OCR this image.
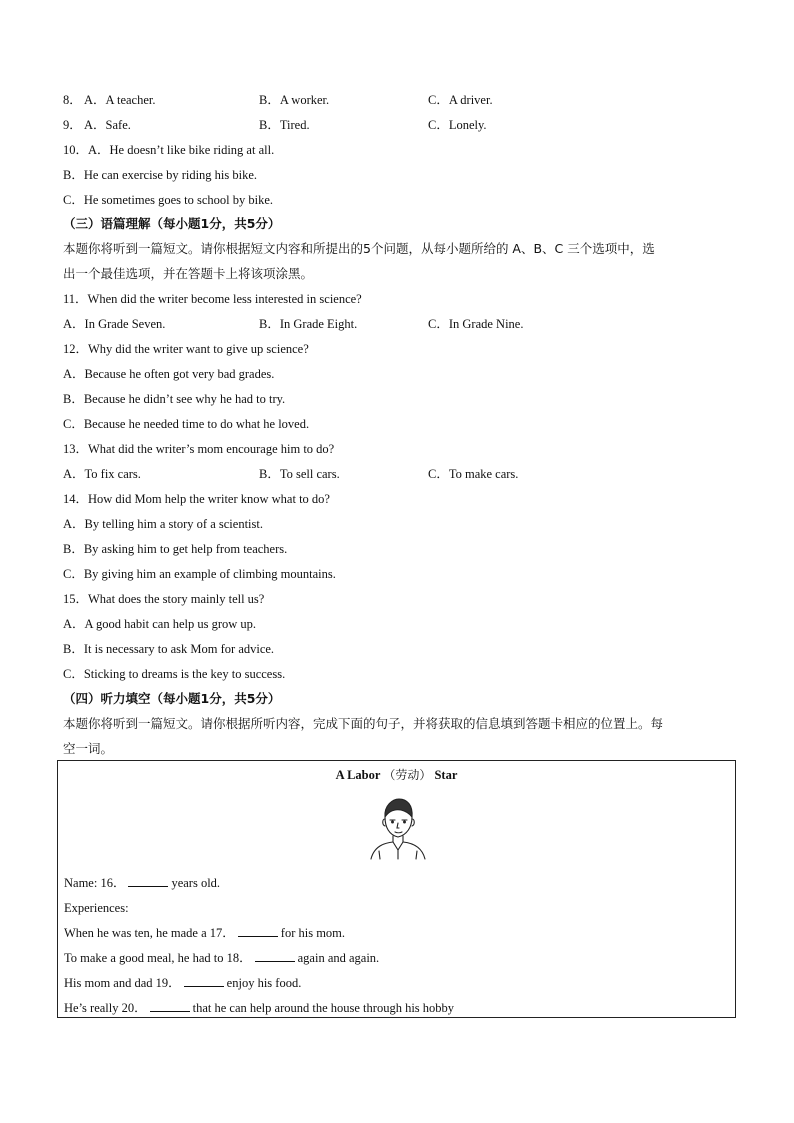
8． A．A teacher.	B．A worker.	C．A driver.
9． A．Safe.	B．Tired.	C．Lonely.
10．A．He doesn’t like bike riding at all.
B．He can exercise by riding his bike.
C．He sometimes goes to school by bike.
（三）语篇理解（每小题1分，共5分）
本题你将听到一篇短文。请你根据短文内容和所提出的5个问题，从每小题所给的 A、B、C 三个选项中，选
出一个最佳选项，并在答题卡上将该项涂黑。
11．When did the writer become less interested in science?
A．In Grade Seven.	B．In Grade Eight.	C．In Grade Nine.
12．Why did the writer want to give up science?
A．Because he often got very bad grades.
B．Because he didn’t see why he had to try.
C．Because he needed time to do what he loved.
13．What did the writer’s mom encourage him to do?
A．To fix cars.	B．To sell cars.	C．To make cars.
14．How did Mom help the writer know what to do?
A．By telling him a story of a scientist.
B．By asking him to get help from teachers.
C．By giving him an example of climbing mountains.
15．What does the story mainly tell us?
A．A good habit can help us grow up.
B．It is necessary to ask Mom for advice.
C．Sticking to dreams is the key to success.
（四）听力填空（每小题1分，共5分）
本题你将听到一篇短文。请你根据所听内容，完成下面的句子，并将获取的信息填到答题卡相应的位置上。每
空一词。
A Labor （劳动） Star
Name: 16．	years old.
Experiences:
When he was ten, he made a 17．	for his mom.
To make a good meal, he had to 18．	again and again.
His mom and dad 19．	enjoy his food.
He’s really 20．	that he can help around the house through his hobby
